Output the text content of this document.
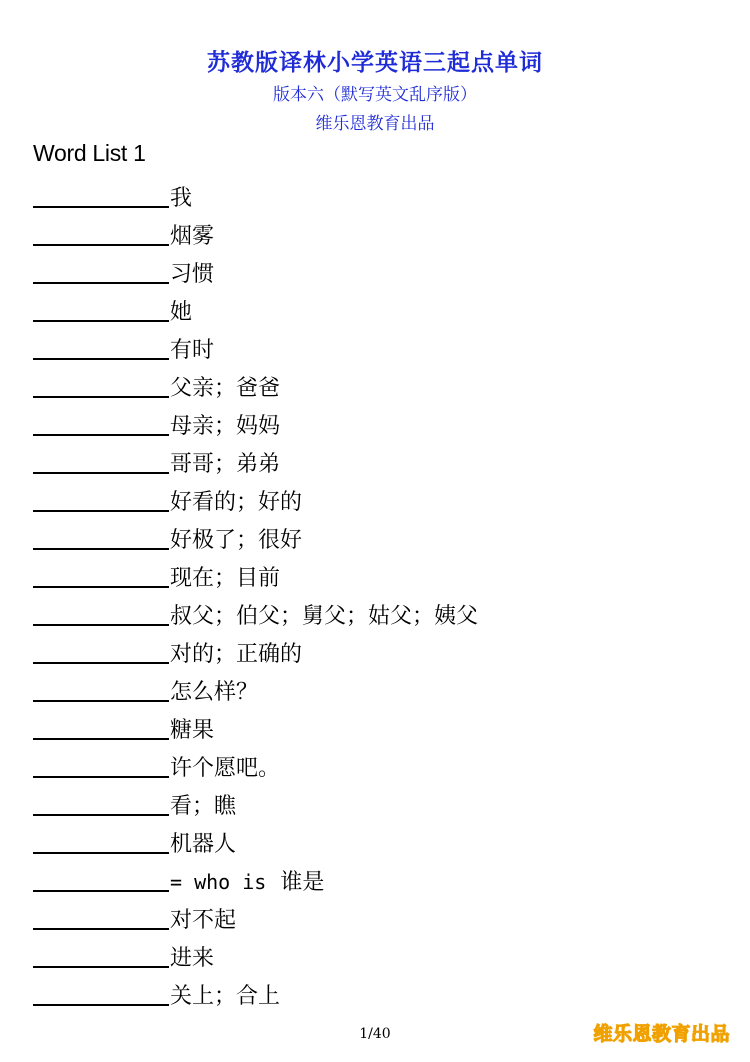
苏教版译林小学英语三起点单词
版本六（默写英文乱序版）
维乐恩教育出品
Word List 1
我
烟雾
习惯
她
有时
父亲；爸爸
母亲；妈妈
哥哥；弟弟
好看的；好的
好极了；很好
现在；目前
叔父；伯父；舅父；姑父；姨父
对的；正确的
怎么样？
糖果
许个愿吧。
看；瞧
机器人
= who is  谁是
对不起
进来
关上；合上
1/40	维乐恩教育出品
